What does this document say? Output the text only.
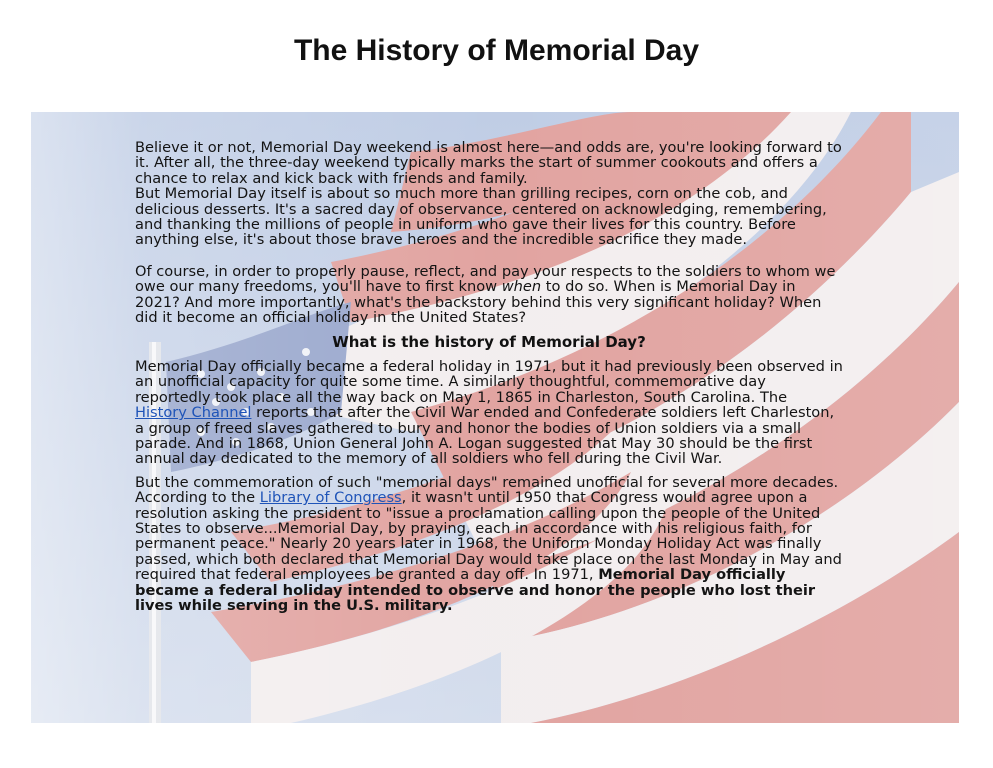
The History of Memorial Day

Believe it or not, Memorial Day weekend is almost here—and odds are, you're looking forward to it. After all, the three-day weekend typically marks the start of summer cookouts and offers a chance to relax and kick back with friends and family.

But Memorial Day itself is about so much more than grilling recipes, corn on the cob, and delicious desserts. It's a sacred day of observance, centered on acknowledging, remembering, and thanking the millions of people in uniform who gave their lives for this country. Before anything else, it's about those brave heroes and the incredible sacrifice they made.

Of course, in order to properly pause, reflect, and pay your respects to the soldiers to whom we owe our many freedoms, you'll have to first know when to do so. When is Memorial Day in 2021? And more importantly, what's the backstory behind this very significant holiday? When did it become an official holiday in the United States?

What is the history of Memorial Day?

Memorial Day officially became a federal holiday in 1971, but it had previously been observed in an unofficial capacity for quite some time. A similarly thoughtful, commemorative day reportedly took place all the way back on May 1, 1865 in Charleston, South Carolina. The History Channel reports that after the Civil War ended and Confederate soldiers left Charleston, a group of freed slaves gathered to bury and honor the bodies of Union soldiers via a small parade. And in 1868, Union General John A. Logan suggested that May 30 should be the first annual day dedicated to the memory of all soldiers who fell during the Civil War.

But the commemoration of such "memorial days" remained unofficial for several more decades. According to the Library of Congress, it wasn't until 1950 that Congress would agree upon a resolution asking the president to "issue a proclamation calling upon the people of the United States to observe...Memorial Day, by praying, each in accordance with his religious faith, for permanent peace." Nearly 20 years later in 1968, the Uniform Monday Holiday Act was finally passed, which both declared that Memorial Day would take place on the last Monday in May and required that federal employees be granted a day off. In 1971, Memorial Day officially became a federal holiday intended to observe and honor the people who lost their lives while serving in the U.S. military.
